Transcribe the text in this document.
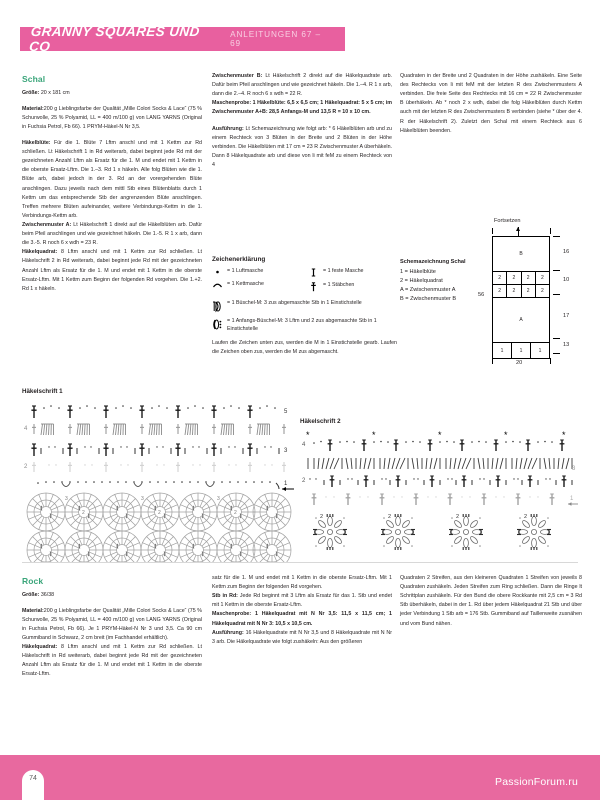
GRANNY SQUARES UND CO
ANLEITUNGEN 67 – 69
Schal
Größe: 20 x 181 cm

Material:200 g Lieblingsfarbe der Qualität „Mille Colori Socks & Lace“ (75 % Schurwolle, 25 % Polyamid, LL = 400 m/100 g) von LANG YARNS (Original in Fuchsia Petrol, Fb 66). 1 PRYM-Häkel-N Nr 3,5.

Häkelblüte: Für die 1. Blüte 7 Lftm anschl und mit 1 Kettm zur Rd schließen. Lt Häkelschrift 1 in Rd weiterarb, dabei beginnt jede Rd mit der gezeichneten Anzahl Lftm als Ersatz für die 1. M und endet mit 1 Kettm in die oberste Ersatz-Lftm. Die 1.–3. Rd 1 x häkeln. Alle folg Blüten wie die 1. Blüte arb, dabei jedoch in der 3. Rd an der vorergehenden Blüte anschlingen. Dazu jeweils nach dem mittl Stb eines Blütenblatts durch 1 Kettm um das entsprechende Stb der angrenzenden Blüte anschlingen. Treffen mehrere Blüten aufeinander, weitere Verbindungs-Kettm in die 1. Verbindungs-Kettm arb.

Zwischenmuster A: Lt Häkelschrift 1 direkt auf die Häkelblüten arb. Dafür beim Pfeil anschlingen und wie gezeichnet häkeln. Die 1.-5. R 1 x arb, dann die 3.-5. R noch 6 x wdh = 23 R.

Häkelquadrat: 8 Lftm anschl und mit 1 Kettm zur Rd schließen. Lt Häkelschrift 2 in Rd weiterarb, dabei beginnt jede Rd mit der gezeichneten Anzahl Lftm als Ersatz für die 1. M und endet mit 1 Kettm in die oberste Ersatz-Lftm. Mit 1 Kettm zum Beginn der folgenden Rd vorgehen. Die 1.+2. Rd 1 x häkeln.

Zwischenmuster B: Lt Häkelschrift 2 direkt auf die Häkelquadrate arb. Dafür beim Pfeil anschlingen und wie gezeichnet häkeln. Die 1.–4. R 1 x arb, dann die 2.–4. R noch 6 x wdh = 22 R.

Maschenprobe: 1 Häkelblüte: 6,5 x 6,5 cm; 1 Häkelquadrat: 5 x 5 cm; im Zwischenmuster A+B: 28,5 Anfangs-M und 13,5 R = 10 x 10 cm.

Ausführung: Lt Schemazeichnung wie folgt arb: * 6 Häkelblüten arb und zu einem Rechteck von 3 Blüten in der Breite und 2 Blüten in der Höhe verbinden. Die Häkelblüten mit 17 cm = 23 R Zwischenmuster A überhäkeln. Dann 8 Häkelquadrate arb und diese von li mit feM zu einem Rechteck von 4

Zeichenerklärung
= 1 Luftmasche
= 1 Kettmasche
= 1 feste Masche
= 1 Stäbchen
= 1 Büschel-M: 3 zus abgemaschte Stb in 1 Einstichstelle
= 1 Anfangs-Büschel-M: 3 Lftm und 2 zus abgemaschte Stb in 1 Einstichstelle
Laufen die Zeichen unten zus, werden die M in 1 Einstichstelle gearb. Laufen die Zeichen oben zus, werden die M zus abgemascht.

Quadraten in der Breite und 2 Quadraten in der Höhe zushäkeln. Eine Seite des Rechtecks von li mit feM mit der letzten R des Zwischenmusters A verbinden. Die freie Seite des Rechtecks mit 16 cm = 22 R Zwischenmuster B überhäkeln. Ab * noch 2 x wdh, dabei die folg Häkelblüten durch Kettm auch mit der letzten R des Zwischenmusters B verbinden (siehe * über der 4. R der Häkelschrift 2). Zuletzt den Schal mit einem Rechteck aus 6 Häkelblüten beenden.

Fortsetzen
Schemazeichnung Schal
1 = Häkelblüte
2 = Häkelquadrat
A = Zwischenmuster A
B = Zwischenmuster B
B
2	2	2	2
2	2	2	2
A
1	1	1
16
10
17
13
56
20
Häkelschrift 1
5
4
3
2
1
2	2	2
3	3	3
Häkelschrift 2
*	*	*	*	*
4
3
2
1
2	2	2	2
Rock
Größe: 36/38

Material:200 g Lieblingsfarbe der Qualität „Mille Colori Socks & Lace“ (75 % Schurwolle, 25 % Polyamid, LL = 400 m/100 g) von LANG YARNS (Original in Fuchsia Petrol, Fb 66). Je 1 PRYM-Häkel-N Nr 3 und 3,5. Ca 90 cm Gummiband in Schwarz, 2 cm breit (im Fachhandel erhältlich).

Häkelquadrat: 8 Lftm anschl und mit 1 Kettm zur Rd schließen. Lt Häkelschrift in Rd weiterarb, dabei beginnt jede Rd mit der gezeichneten Anzahl Lftm als Ersatz für die 1. M und endet mit 1 Kettm in die oberste Ersatz-Lftm.

satz für die 1. M und endet mit 1 Kettm in die oberste Ersatz-Lftm. Mit 1 Kettm zum Beginn der folgenden Rd vorgehen.

Stb in Rd: Jede Rd beginnt mit 3 Lftm als Ersatz für das 1. Stb und endet mit 1 Kettm in die oberste Ersatz-Lftm.

Maschenprobe: 1 Häkelquadrat mit N Nr 3,5: 11,5 x 11,5 cm; 1 Häkelquadrat mit N Nr 3: 10,5 x 10,5 cm.

Ausführung: 16 Häkelquadrate mit N Nr 3,5 und 8 Häkelquadrate mit N Nr 3 arb. Die Häkelquadrate wie folgt zushäkeln: Aus den größeren

Quadraten 2 Streifen, aus den kleineren Quadraten 1 Streifen von jeweils 8 Quadraten zushäkeln. Jeden Streifen zum Ring schließen. Dann die Ringe lt Schrittplan zushäkeln. Für den Bund die obere Rockkante mit 2,5 cm = 3 Rd Stb überhäkeln, dabei in der 1. Rd über jedem Häkelquadrat 21 Stb und über jeder Verbindung 1 Stb arb = 176 Stb. Gummiband auf Taillenweite zusnähen und vom Bund nähen.

PassionForum.ru
74
